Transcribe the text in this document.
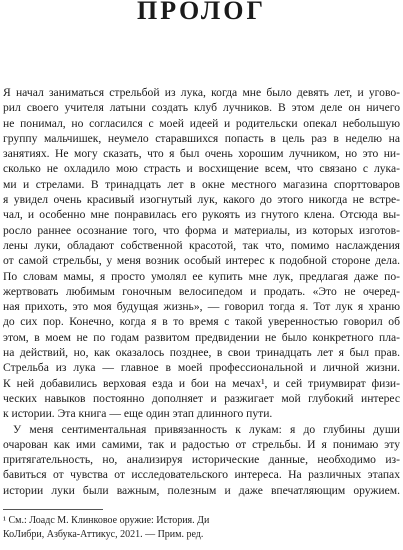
ПРОЛОГ
Я начал заниматься стрельбой из лука, когда мне было девять лет, и угово-
рил своего учителя латыни создать клуб лучников. В этом деле он ничего
не понимал, но согласился с моей идеей и родительски опекал небольшую
группу мальчишек, неумело старавшихся попасть в цель раз в неделю на
занятиях. Не могу сказать, что я был очень хорошим лучником, но это ни-
сколько не охладило мою страсть и восхищение всем, что связано с лука-
ми и стрелами. В тринадцать лет в окне местного магазина спорттоваров
я увидел очень красивый изогнутый лук, какого до этого никогда не встре-
чал, и особенно мне понравилась его рукоять из гнутого клена. Отсюда вы-
росло раннее осознание того, что форма и материалы, из которых изготов-
лены луки, обладают собственной красотой, так что, помимо наслаждения
от самой стрельбы, у меня возник особый интерес к подобной стороне дела.
По словам мамы, я просто умолял ее купить мне лук, предлагая даже по-
жертвовать любимым гоночным велосипедом и продать. «Это не очеред-
ная прихоть, это моя будущая жизнь», — говорил тогда я. Тот лук я храню
до сих пор. Конечно, когда я в то время с такой уверенностью говорил об
этом, в моем не по годам развитом предвидении не было конкретного пла-
на действий, но, как оказалось позднее, в свои тринадцать лет я был прав.
Стрельба из лука — главное в моей профессиональной и личной жизни.
К ней добавились верховая езда и бои на мечах¹, и сей триумвират физи-
ческих навыков постоянно дополняет и разжигает мой глубокий интерес
к истории. Эта книга — еще один этап длинного пути.
У меня сентиментальная привязанность к лукам: я до глубины души
очарован как ими самими, так и радостью от стрельбы. И я понимаю эту
притягательность, но, анализируя исторические данные, необходимо из-
бавиться от чувства от исследовательского интереса. На различных этапах
истории луки были важным, полезным и даже впечатляющим оружием.
¹ См.: Лоадс М. Клинковое оружие: История. Ди
КоЛибри, Азбука-Аттикус, 2021. — Прим. ред.
